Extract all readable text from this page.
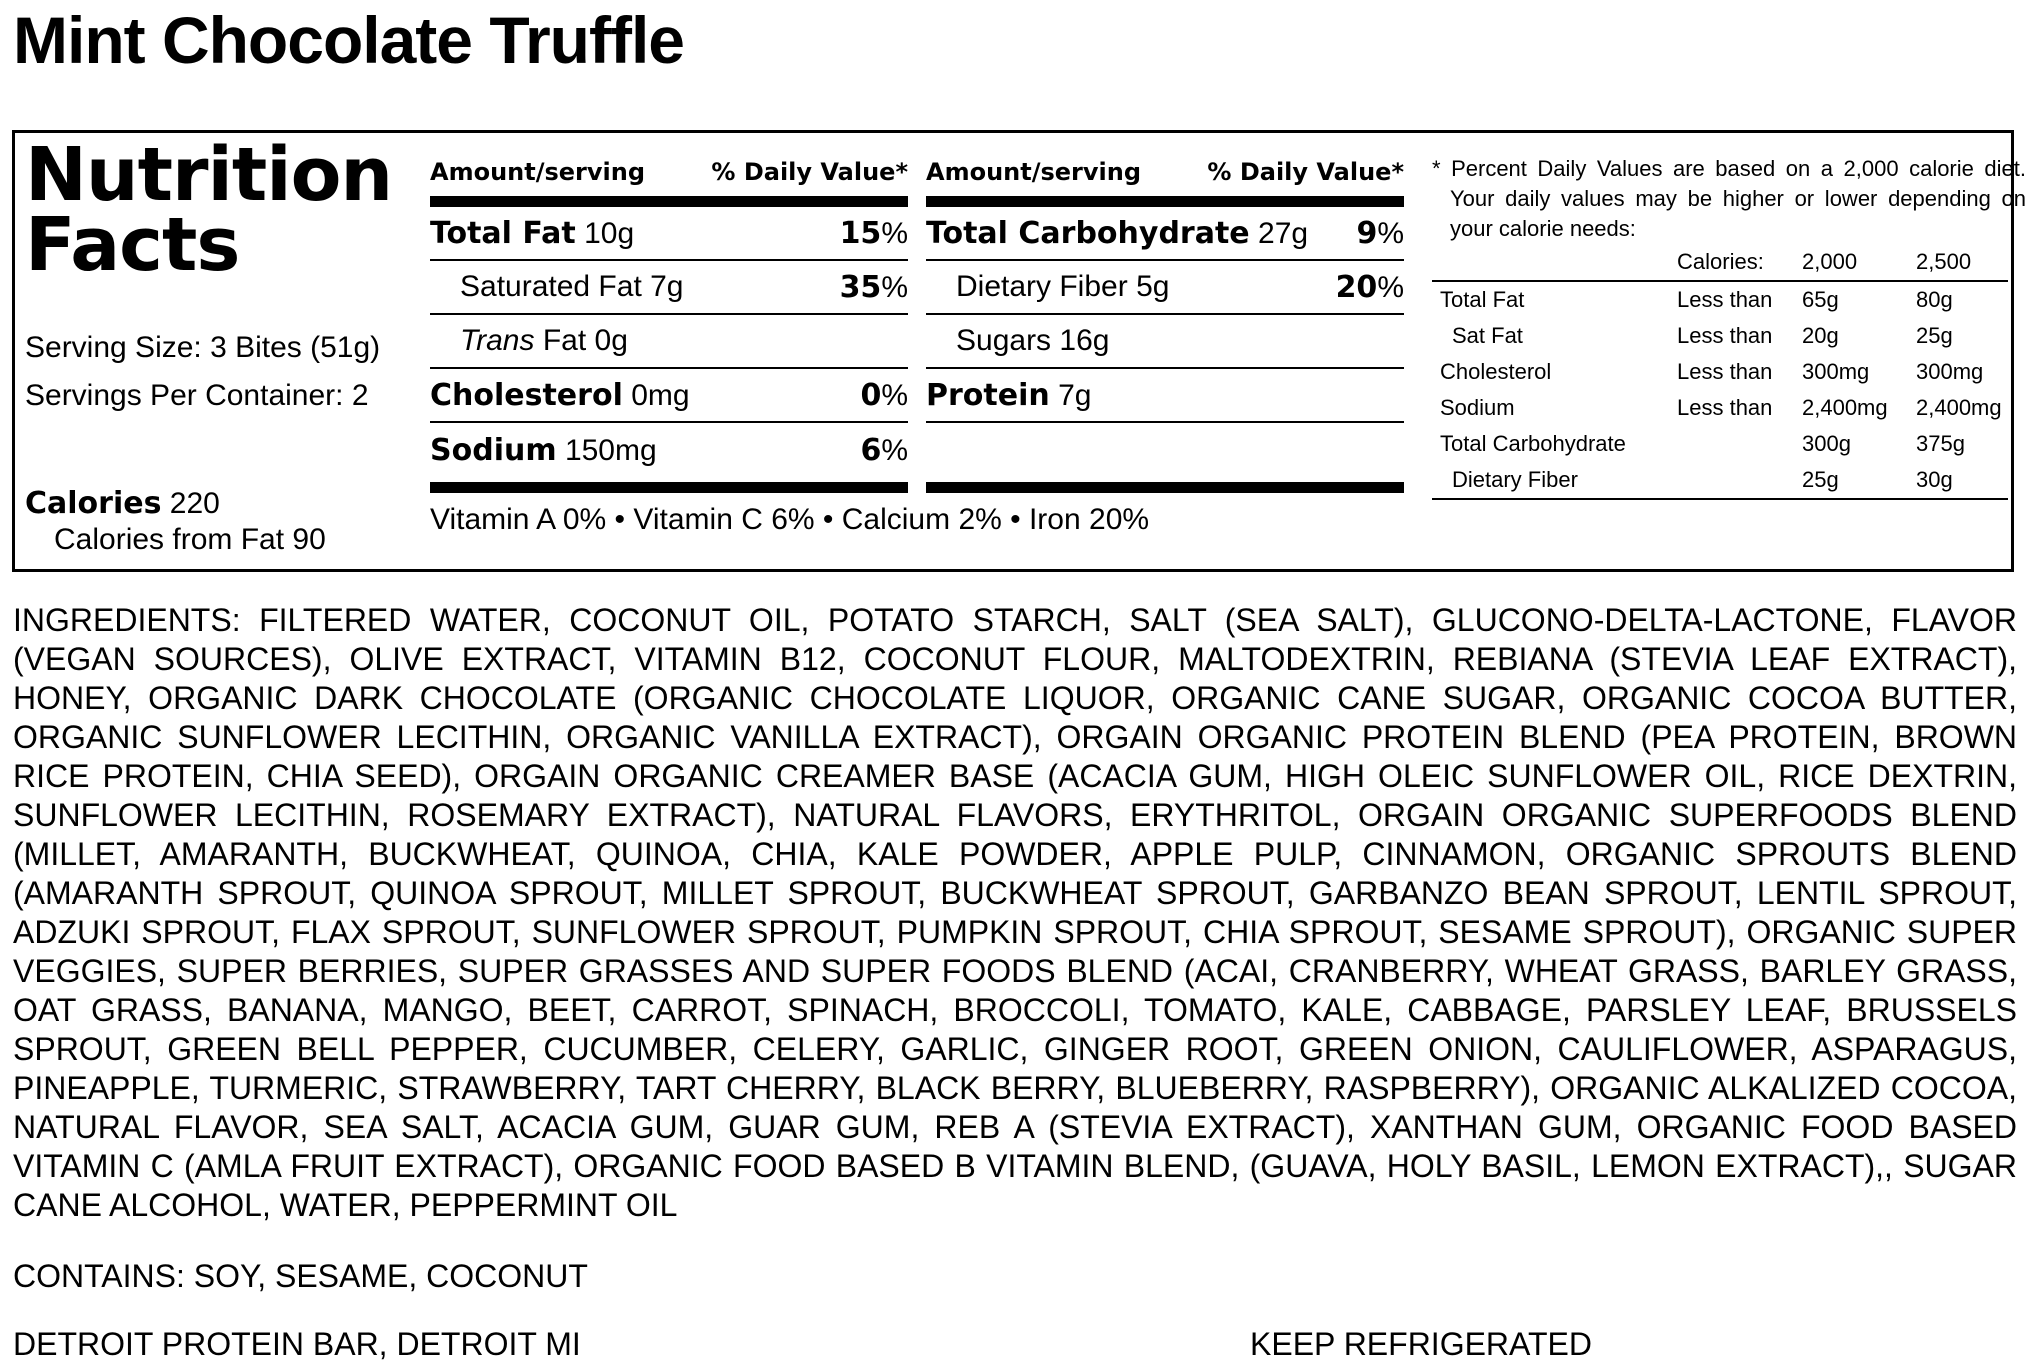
Mint Chocolate Truffle
Nutrition
Facts
Serving Size: 3 Bites (51g)
Servings Per Container: 2
Calories 220
Calories from Fat 90
Amount/serving	% Daily Value*
Total Fat 10g	15%
Saturated Fat 7g	35%
Trans Fat 0g
Cholesterol 0mg	0%
Sodium 150mg	6%
Amount/serving	% Daily Value*
Total Carbohydrate 27g 9%
Dietary Fiber 5g	20%
Sugars 16g
Protein 7g
Vitamin A 0% • Vitamin C 6% • Calcium 2% • Iron 20%
* Percent Daily Values are based on a 2,000 calorie diet. Your daily values may be higher or lower depending on your calorie needs:
	Calories:	2,000	2,500
Total Fat	Less than	65g	80g
Sat Fat	Less than	20g	25g
Cholesterol	Less than	300mg	300mg
Sodium	Less than	2,400mg	2,400mg
Total Carbohydrate		300g	375g
Dietary Fiber		25g	30g
INGREDIENTS: FILTERED WATER, COCONUT OIL, POTATO STARCH, SALT (SEA SALT), GLUCONO-DELTA-LACTONE, FLAVOR (VEGAN SOURCES), OLIVE EXTRACT, VITAMIN B12, COCONUT FLOUR, MALTODEXTRIN, REBIANA (STEVIA LEAF EXTRACT), HONEY, ORGANIC DARK CHOCOLATE (ORGANIC CHOCOLATE LIQUOR, ORGANIC CANE SUGAR, ORGANIC COCOA BUTTER, ORGANIC SUNFLOWER LECITHIN, ORGANIC VANILLA EXTRACT), ORGAIN ORGANIC PROTEIN BLEND (PEA PROTEIN, BROWN RICE PROTEIN, CHIA SEED), ORGAIN ORGANIC CREAMER BASE (ACACIA GUM, HIGH OLEIC SUNFLOWER OIL, RICE DEXTRIN, SUNFLOWER LECITHIN, ROSEMARY EXTRACT), NATURAL FLAVORS, ERYTHRITOL, ORGAIN ORGANIC SUPERFOODS BLEND (MILLET, AMARANTH, BUCKWHEAT, QUINOA, CHIA, KALE POWDER, APPLE PULP, CINNAMON, ORGANIC SPROUTS BLEND (AMARANTH SPROUT, QUINOA SPROUT, MILLET SPROUT, BUCKWHEAT SPROUT, GARBANZO BEAN SPROUT, LENTIL SPROUT, ADZUKI SPROUT, FLAX SPROUT, SUNFLOWER SPROUT, PUMPKIN SPROUT, CHIA SPROUT, SESAME SPROUT), ORGANIC SUPER VEGGIES, SUPER BERRIES, SUPER GRASSES AND SUPER FOODS BLEND (ACAI, CRANBERRY, WHEAT GRASS, BARLEY GRASS, OAT GRASS, BANANA, MANGO, BEET, CARROT, SPINACH, BROCCOLI, TOMATO, KALE, CABBAGE, PARSLEY LEAF, BRUSSELS SPROUT, GREEN BELL PEPPER, CUCUMBER, CELERY, GARLIC, GINGER ROOT, GREEN ONION, CAULIFLOWER, ASPARAGUS, PINEAPPLE, TURMERIC, STRAWBERRY, TART CHERRY, BLACK BERRY, BLUEBERRY, RASPBERRY), ORGANIC ALKALIZED COCOA, NATURAL FLAVOR, SEA SALT, ACACIA GUM, GUAR GUM, REB A (STEVIA EXTRACT), XANTHAN GUM, ORGANIC FOOD BASED VITAMIN C (AMLA FRUIT EXTRACT), ORGANIC FOOD BASED B VITAMIN BLEND, (GUAVA, HOLY BASIL, LEMON EXTRACT),, SUGAR CANE ALCOHOL, WATER, PEPPERMINT OIL
CONTAINS: SOY, SESAME, COCONUT
DETROIT PROTEIN BAR, DETROIT MI	KEEP REFRIGERATED
